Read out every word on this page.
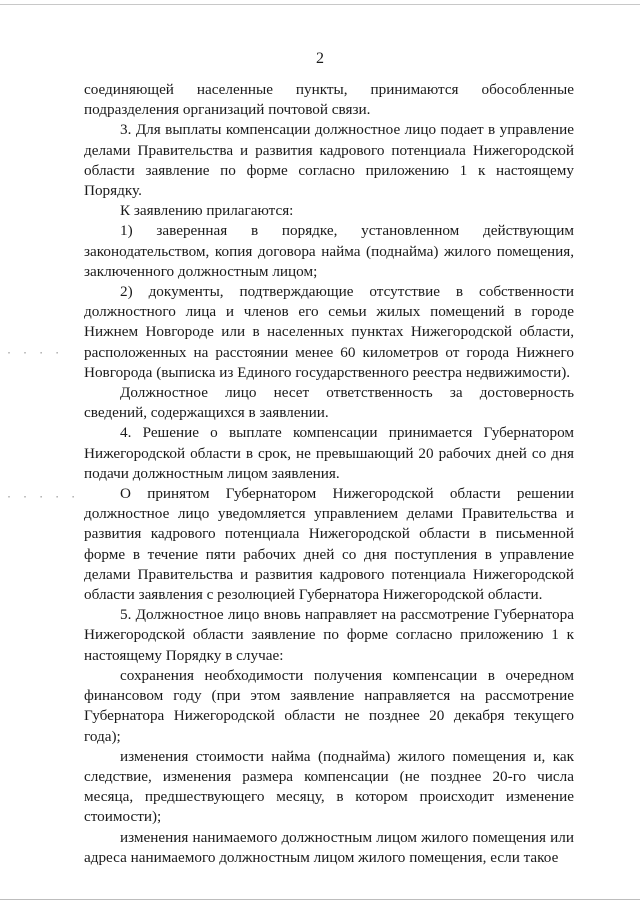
2

соединяющей населенные пункты, принимаются обособленные подразделения организаций почтовой связи.

3. Для выплаты компенсации должностное лицо подает в управление делами Правительства и развития кадрового потенциала Нижегородской области заявление по форме согласно приложению 1 к настоящему Порядку.

К заявлению прилагаются:

1) заверенная в порядке, установленном действующим законодательством, копия договора найма (поднайма) жилого помещения, заключенного должностным лицом;

2) документы, подтверждающие отсутствие в собственности должностного лица и членов его семьи жилых помещений в городе Нижнем Новгороде или в населенных пунктах Нижегородской области, расположенных на расстоянии менее 60 километров от города Нижнего Новгорода (выписка из Единого государственного реестра недвижимости).

Должностное лицо несет ответственность за достоверность сведений, содержащихся в заявлении.

4. Решение о выплате компенсации принимается Губернатором Нижегородской области в срок, не превышающий 20 рабочих дней со дня подачи должностным лицом заявления.

О принятом Губернатором Нижегородской области решении должностное лицо уведомляется управлением делами Правительства и развития кадрового потенциала Нижегородской области в письменной форме в течение пяти рабочих дней со дня поступления в управление делами Правительства и развития кадрового потенциала Нижегородской области заявления с резолюцией Губернатора Нижегородской области.

5. Должностное лицо вновь направляет на рассмотрение Губернатора Нижегородской области заявление по форме согласно приложению 1 к настоящему Порядку в случае:

сохранения необходимости получения компенсации в очередном финансовом году (при этом заявление направляется на рассмотрение Губернатора Нижегородской области не позднее 20 декабря текущего года);

изменения стоимости найма (поднайма) жилого помещения и, как следствие, изменения размера компенсации (не позднее 20-го числа месяца, предшествующего месяцу, в котором происходит изменение стоимости);

изменения нанимаемого должностным лицом жилого помещения или адреса нанимаемого должностным лицом жилого помещения, если такое

· · · ·
· · · · ·
